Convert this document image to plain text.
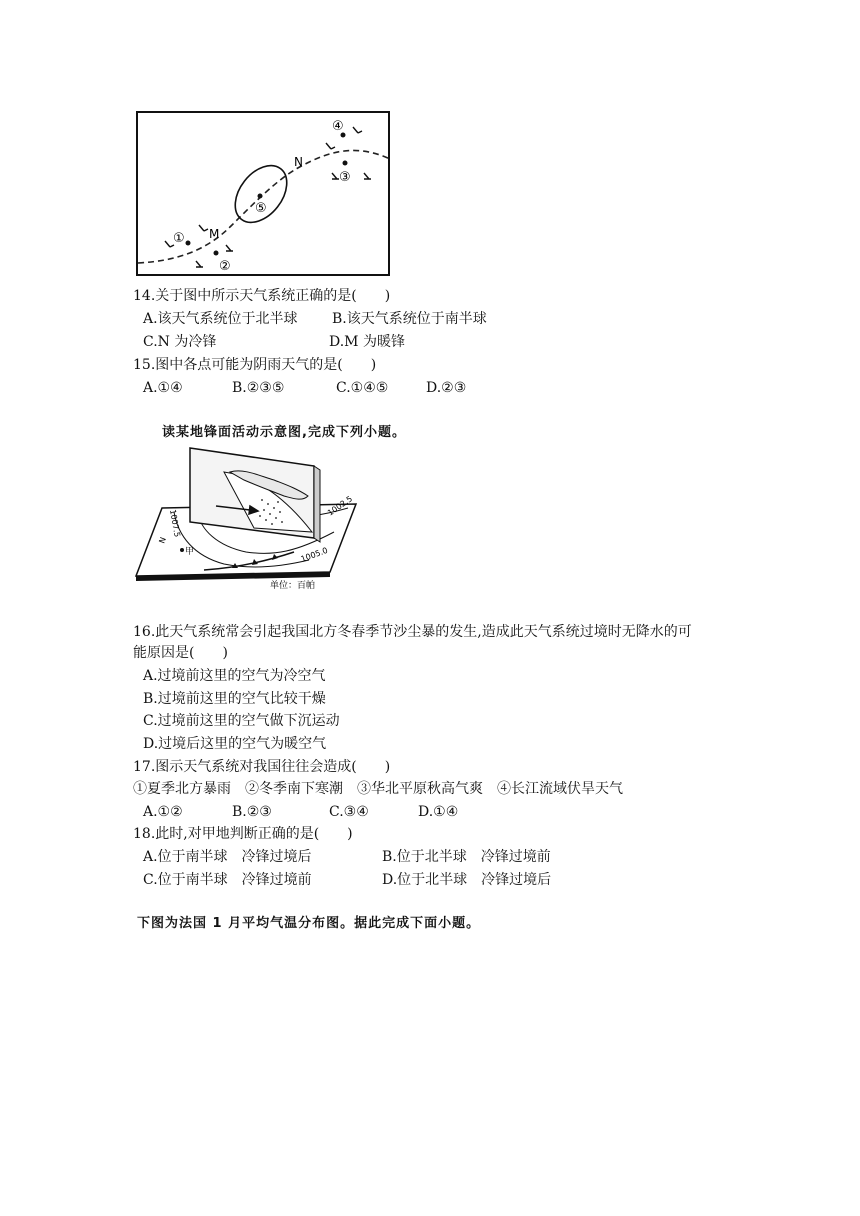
①
②
③
④
⑤
M
N
14.关于图中所示天气系统正确的是(　　)
A.该天气系统位于北半球 B.该天气系统位于南半球
C.N 为冷锋	D.M 为暖锋
15.图中各点可能为阴雨天气的是(　　)
A.①④	B.②③⑤	C.①④⑤	D.②③
读某地锋面活动示意图,完成下列小题。
甲
1007.5
1005.0
1002.5
N
单位：百帕
16.此天气系统常会引起我国北方冬春季节沙尘暴的发生,造成此天气系统过境时无降水的可
能原因是(　　)
A.过境前这里的空气为冷空气
B.过境前这里的空气比较干燥
C.过境前这里的空气做下沉运动
D.过境后这里的空气为暖空气
17.图示天气系统对我国往往会造成(　　)
①夏季北方暴雨　②冬季南下寒潮　③华北平原秋高气爽　④长江流域伏旱天气
A.①②	B.②③	C.③④	D.①④
18.此时,对甲地判断正确的是(　　)
A.位于南半球　冷锋过境后	B.位于北半球　冷锋过境前
C.位于南半球　冷锋过境前	D.位于北半球　冷锋过境后
下图为法国 1 月平均气温分布图。据此完成下面小题。
